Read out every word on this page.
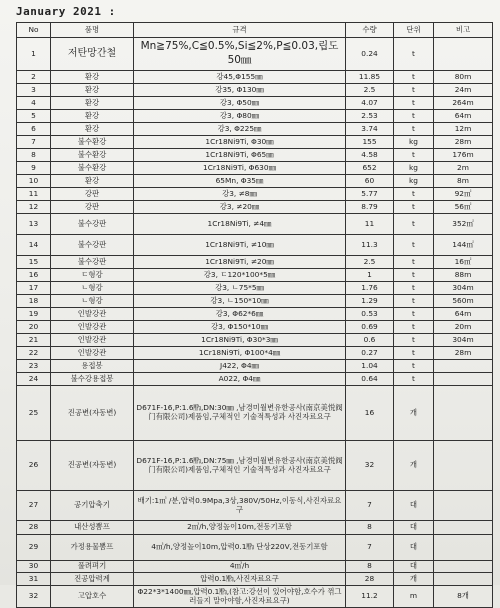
January 2021 :
No	품명	규격	수량	단위	비고
1	저탄망간철	Mn≧75%,C≦0.5%,Si≦2%,P≦0.03,립도50㎜	0.24	t	
2	환강	강45,Φ155㎜	11.85	t	80m
3	환강	강35, Φ130㎜	2.5	t	24m
4	환강	강3, Φ50㎜	4.07	t	264m
5	환강	강3, Φ80㎜	2.53	t	64m
6	환강	강3, Φ225㎜	3.74	t	12m
7	불수환강	1Cr18Ni9Ti, Φ30㎜	155	kg	28m
8	불수환강	1Cr18Ni9Ti, Φ65㎜	4.58	t	176m
9	불수환강	1Cr18Ni9Ti, Φ630㎜	652	kg	2m
10	환강	65Mn, Φ35㎜	60	kg	8m
11	강판	강3, ≠8㎜	5.77	t	92㎡
12	강판	강3, ≠20㎜	8.79	t	56㎡
13	불수강판	1Cr18Ni9Ti, ≠4㎜	11	t	352㎡
14	불수강판	1Cr18Ni9Ti, ≠10㎜	11.3	t	144㎡
15	불수강판	1Cr18Ni9Ti, ≠20㎜	2.5	t	16㎡
16	ㄷ형강	강3, ㄷ120*100*5㎜	1	t	88m
17	ㄴ형강	강3, ㄴ75*5㎜	1.76	t	304m
18	ㄴ형강	강3, ㄴ150*10㎜	1.29	t	560m
19	인발강관	강3, Φ62*6㎜	0.53	t	64m
20	인발강관	강3, Φ150*10㎜	0.69	t	20m
21	인발강관	1Cr18Ni9Ti, Φ30*3㎜	0.6	t	304m
22	인발강관	1Cr18Ni9Ti, Φ100*4㎜	0.27	t	28m
23	용접봉	J422, Φ4㎜	1.04	t	
24	불수강용접봉	A022, Φ4㎜	0.64	t	
25	진공변(자동변)	D671F-16,P:1.6㎫,DN:30㎜ ,남경미월변유한공사(南京美悦阀门有限公司)제품임,구체적인 기술적특성과 사진자료요구	16	개	
26	진공변(자동변)	D671F-16,P:1.6㎫,DN:75㎜ ,남경미월변유한공사(南京美悦阀门有限公司)제품임,구체적인 기술적특성과 사진자료요구	32	개	
27	공기압축기	배기:1㎥ /분,압력0.9Mpa,3상,380V/50Hz,이동식,사진자료요구	7	대	
28	내산성뽐프	2㎥/h,양정높이10m,전동기포함	8	대	
29	가정용물뽐프	4㎥/h,양정높이10m,압력0.1㎫ 단상220V,전동기포함	7	대	
30	풀려펴기	4㎥/h	8	대	
31	진공압력계	압력0.1㎫,사진자료요구	28	개	
32	고압호수	Φ22*3*1400㎜,압력0.1㎫,(참고:강선이 있어야함,호수가 꺾그러들지 말아야함,사진자료요구)	11.2	m	8개
